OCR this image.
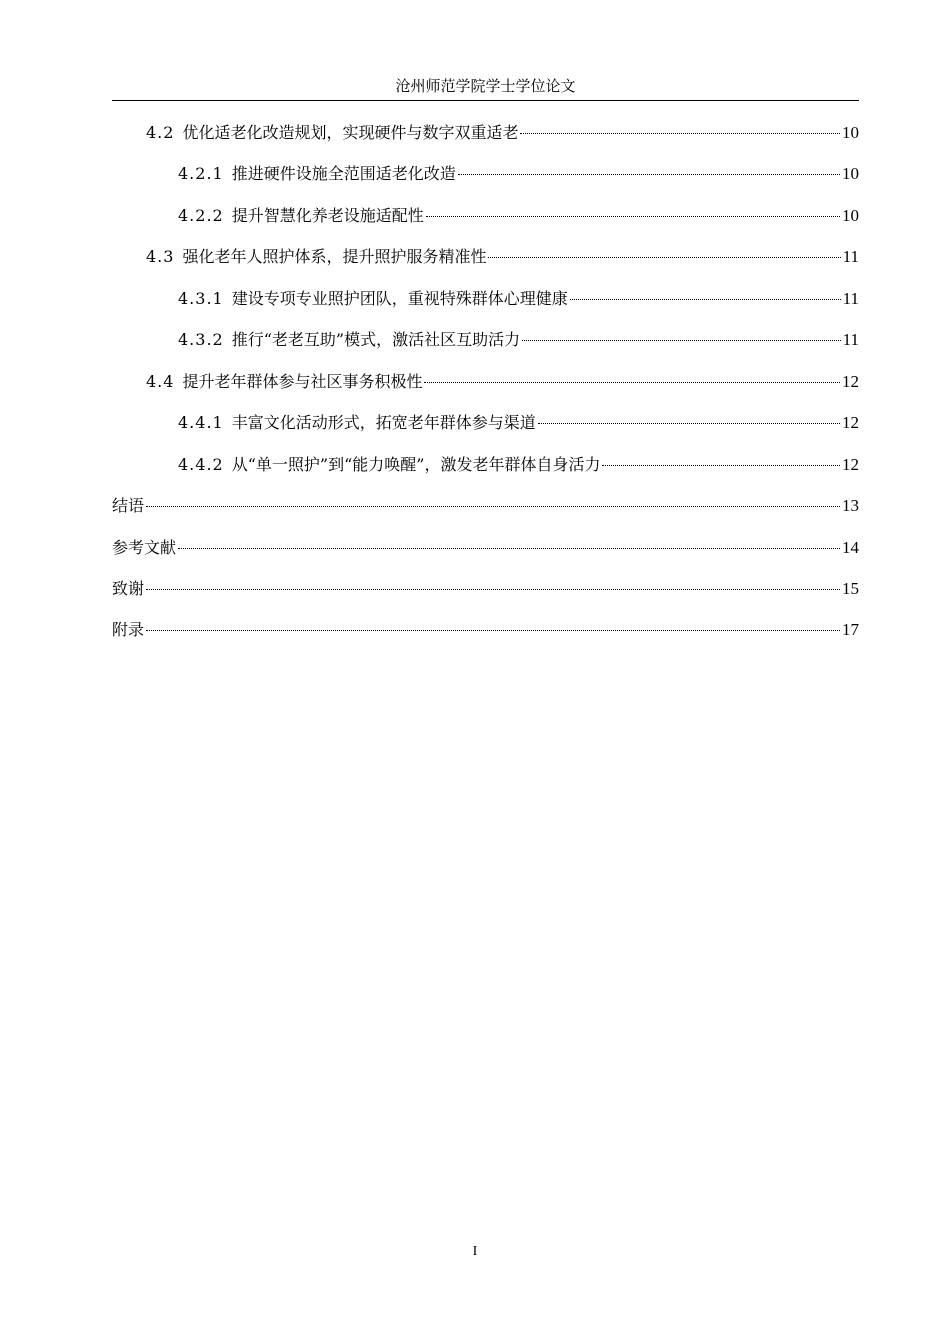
沧州师范学院学士学位论文
4.2 优化适老化改造规划，实现硬件与数字双重适老	10
4.2.1 推进硬件设施全范围适老化改造	10
4.2.2 提升智慧化养老设施适配性	10
4.3 强化老年人照护体系，提升照护服务精准性	11
4.3.1 建设专项专业照护团队，重视特殊群体心理健康	11
4.3.2 推行“老老互助”模式，激活社区互助活力	11
4.4 提升老年群体参与社区事务积极性	12
4.4.1 丰富文化活动形式，拓宽老年群体参与渠道	12
4.4.2 从“单一照护”到“能力唤醒”，激发老年群体自身活力	12
结语	13
参考文献	14
致谢	15
附录	17
I
